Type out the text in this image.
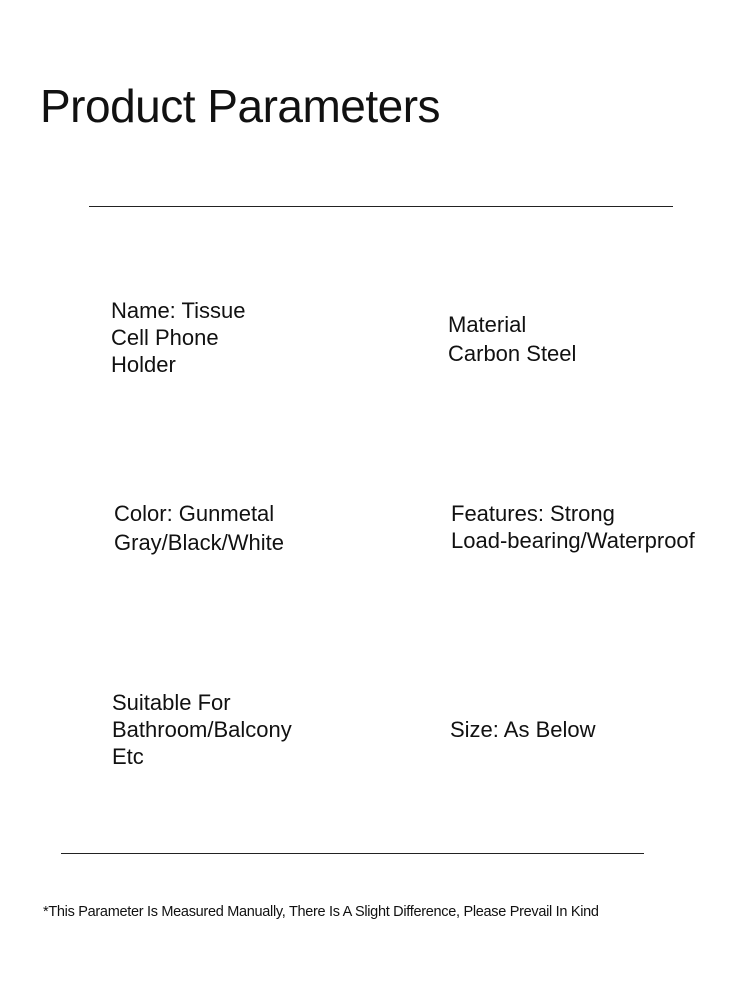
Product Parameters
Name: Tissue
Cell Phone
Holder
Material
Carbon Steel
Color: Gunmetal
Gray/Black/White
Features: Strong
Load-bearing/Waterproof
Suitable For
Bathroom/Balcony
Etc
Size: As Below
*This Parameter Is Measured Manually, There Is A Slight Difference, Please Prevail In Kind
